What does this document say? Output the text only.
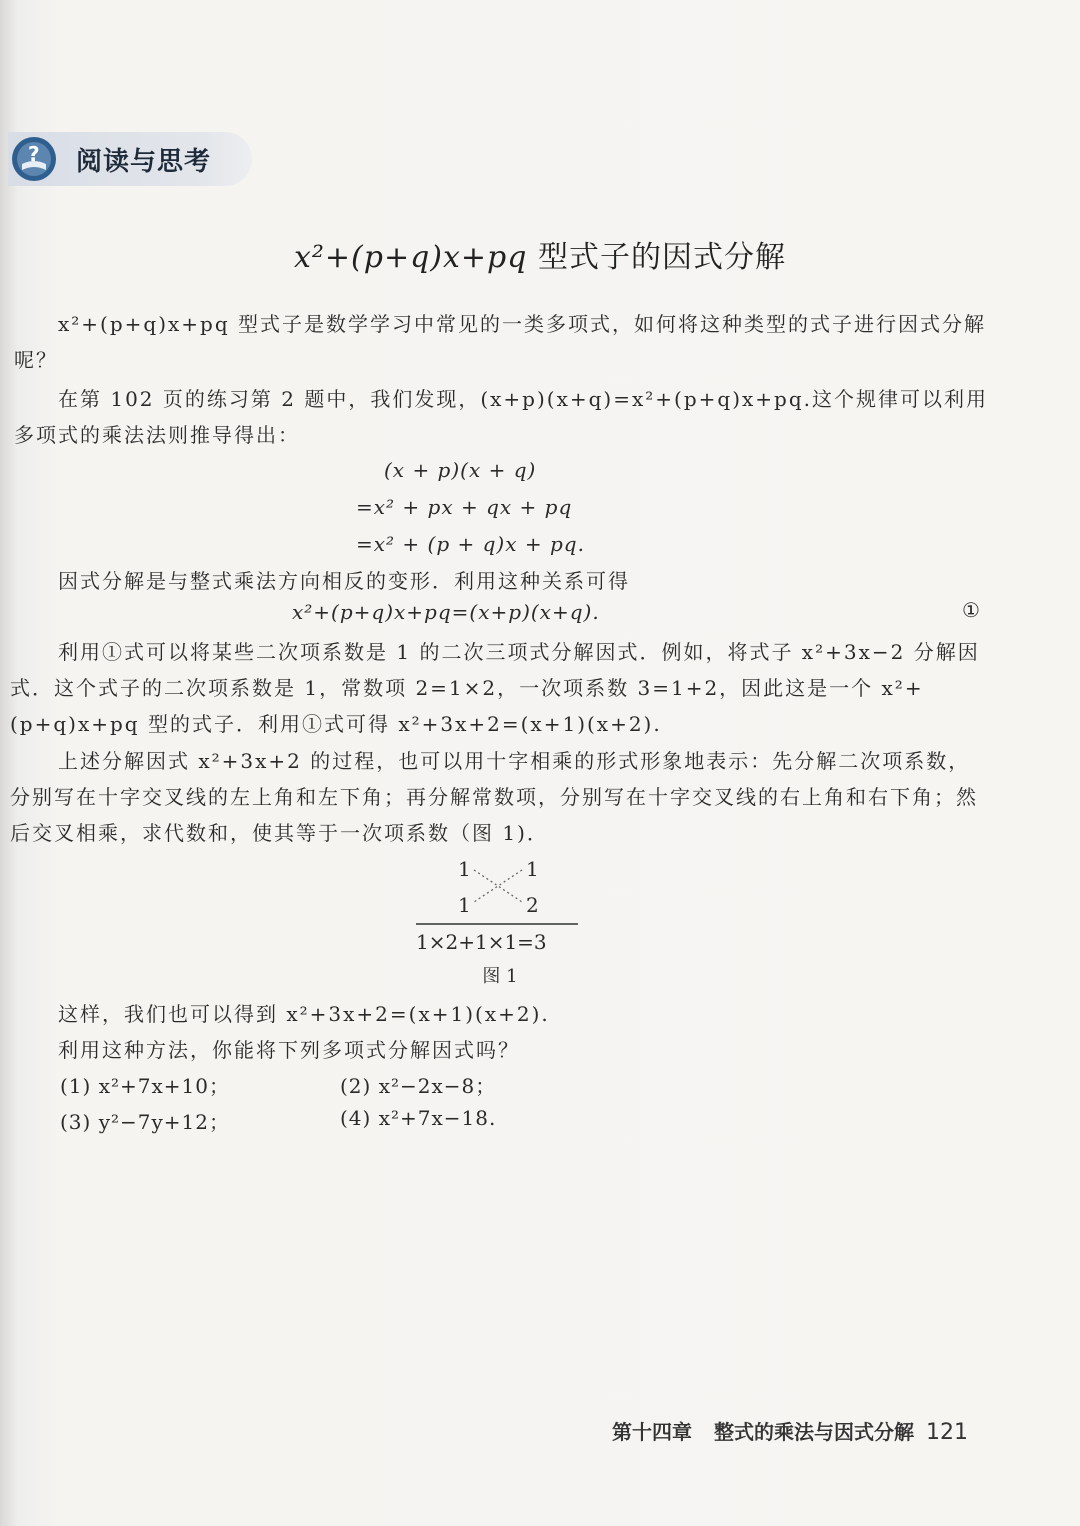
? 阅读与思考
x²+(p+q)x+pq 型式子的因式分解
x²+(p+q)x+pq 型式子是数学学习中常见的一类多项式，如何将这种类型的式子进行因式分解呢？
在第 102 页的练习第 2 题中，我们发现，(x+p)(x+q)=x²+(p+q)x+pq.这个规律可以利用多项式的乘法法则推导得出：
(x + p)(x + q)
=x² + px + qx + pq
=x² + (p + q)x + pq.
因式分解是与整式乘法方向相反的变形．利用这种关系可得
x²+(p+q)x+pq=(x+p)(x+q).	①
利用①式可以将某些二次项系数是 1 的二次三项式分解因式．例如，将式子 x²+3x−2 分解因式．这个式子的二次项系数是 1，常数项 2=1×2，一次项系数 3=1+2，因此这是一个 x²+(p+q)x+pq 型的式子．利用①式可得 x²+3x+2=(x+1)(x+2).
上述分解因式 x²+3x+2 的过程，也可以用十字相乘的形式形象地表示：先分解二次项系数，分别写在十字交叉线的左上角和左下角；再分解常数项，分别写在十字交叉线的右上角和右下角；然后交叉相乘，求代数和，使其等于一次项系数（图 1)．
1	1
1	2
1×2+1×1=3
图 1
这样，我们也可以得到 x²+3x+2=(x+1)(x+2).
利用这种方法，你能将下列多项式分解因式吗？
(1) x²+7x+10；	(2) x²−2x−8；
(3) y²−7y+12；	(4) x²+7x−18.
第十四章 整式的乘法与因式分解 121
